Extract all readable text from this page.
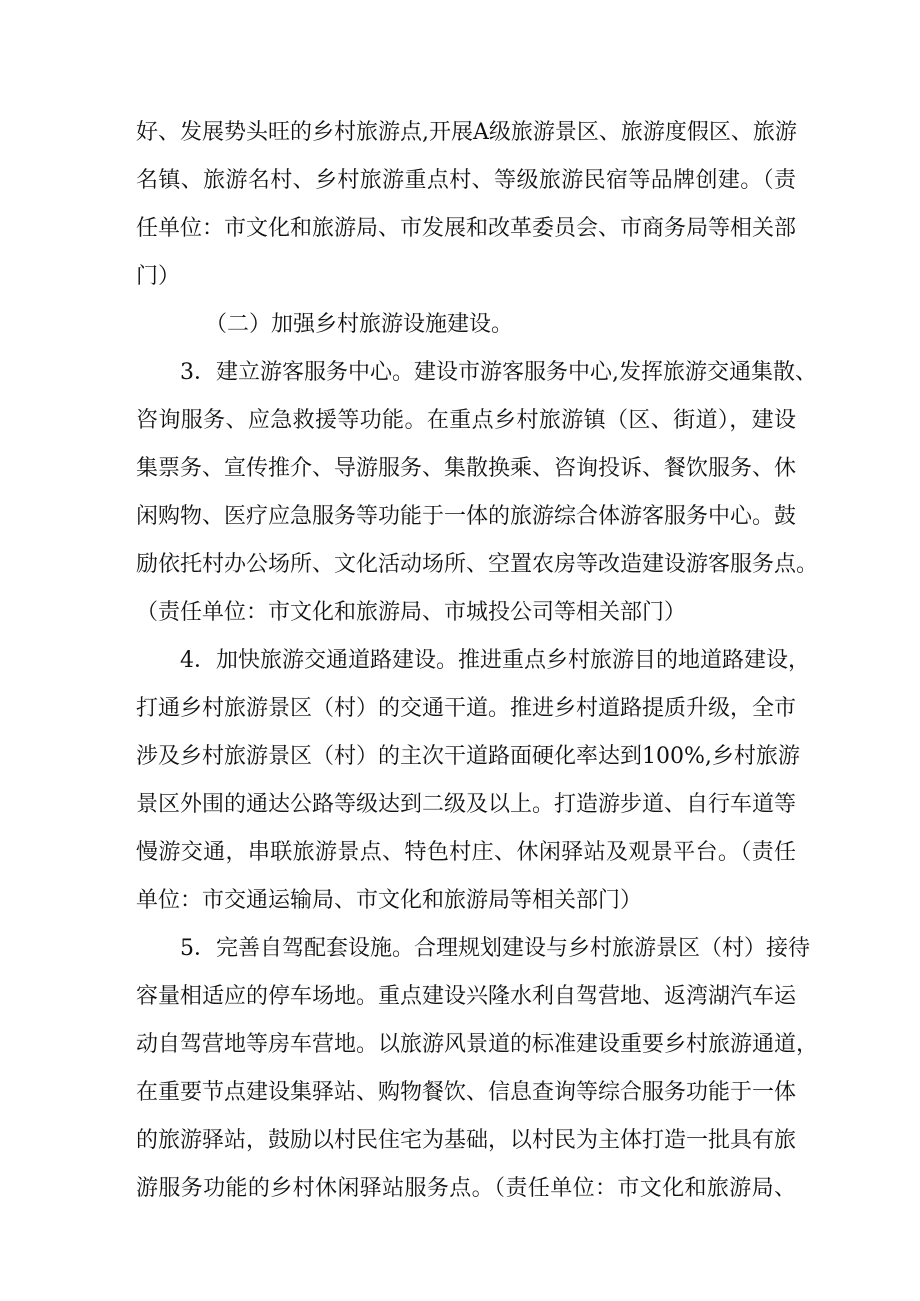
好、发展势头旺的乡村旅游点,开展A级旅游景区、旅游度假区、旅游
名镇、旅游名村、乡村旅游重点村、等级旅游民宿等品牌创建。（责
任单位：市文化和旅游局、市发展和改革委员会、市商务局等相关部
门）
（二）加强乡村旅游设施建设。
3．建立游客服务中心。建设市游客服务中心,发挥旅游交通集散、
咨询服务、应急救援等功能。在重点乡村旅游镇（区、街道），建设
集票务、宣传推介、导游服务、集散换乘、咨询投诉、餐饮服务、休
闲购物、医疗应急服务等功能于一体的旅游综合体游客服务中心。鼓
励依托村办公场所、文化活动场所、空置农房等改造建设游客服务点。
（责任单位：市文化和旅游局、市城投公司等相关部门）
4．加快旅游交通道路建设。推进重点乡村旅游目的地道路建设，
打通乡村旅游景区（村）的交通干道。推进乡村道路提质升级，全市
涉及乡村旅游景区（村）的主次干道路面硬化率达到100%,乡村旅游
景区外围的通达公路等级达到二级及以上。打造游步道、自行车道等
慢游交通，串联旅游景点、特色村庄、休闲驿站及观景平台。（责任
单位：市交通运输局、市文化和旅游局等相关部门）
5．完善自驾配套设施。合理规划建设与乡村旅游景区（村）接待
容量相适应的停车场地。重点建设兴隆水利自驾营地、返湾湖汽车运
动自驾营地等房车营地。以旅游风景道的标准建设重要乡村旅游通道，
在重要节点建设集驿站、购物餐饮、信息查询等综合服务功能于一体
的旅游驿站，鼓励以村民住宅为基础，以村民为主体打造一批具有旅
游服务功能的乡村休闲驿站服务点。（责任单位：市文化和旅游局、
